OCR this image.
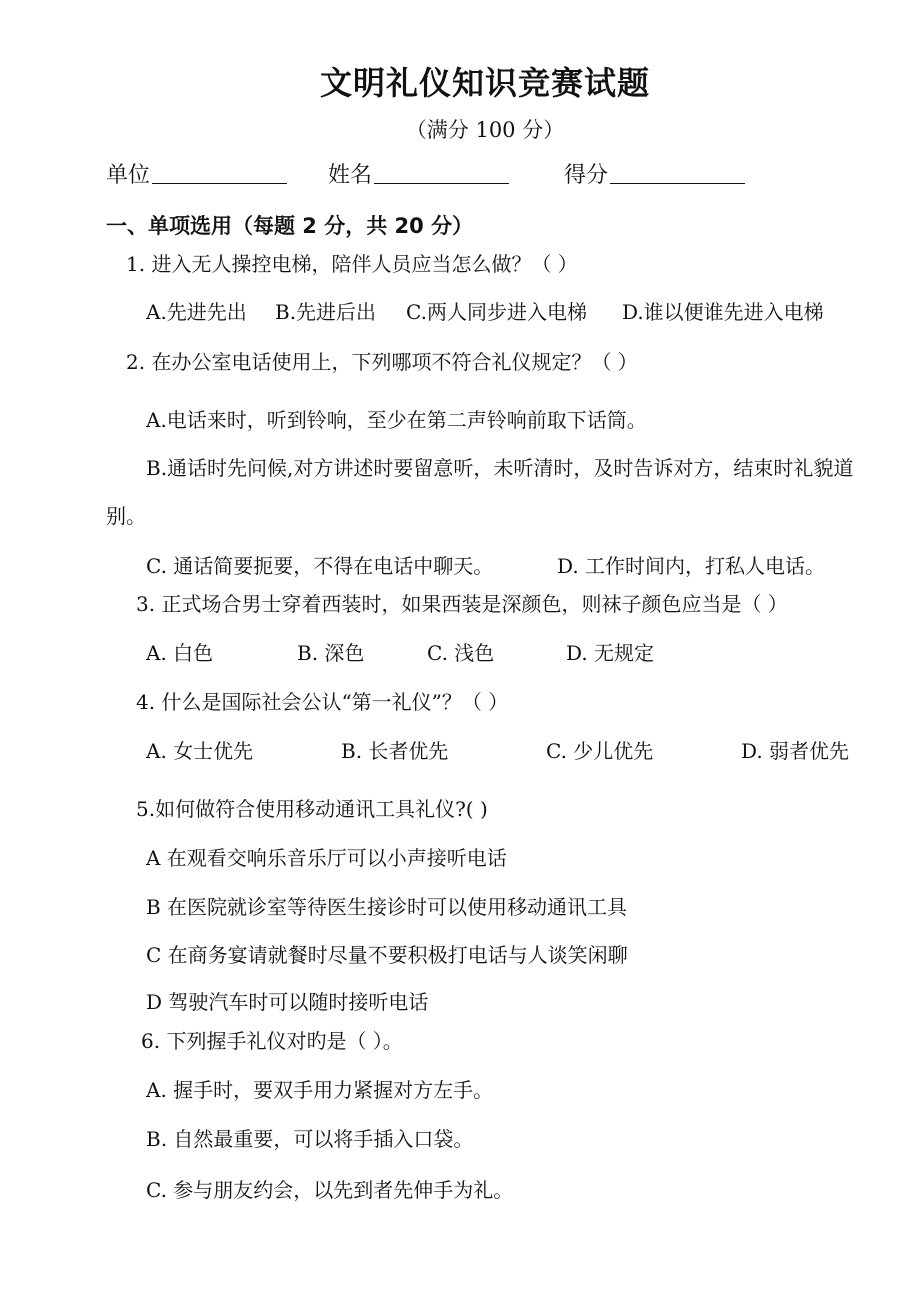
文明礼仪知识竞赛试题
（满分 100 分）
单位	姓名	得分
一、单项选用（每题 2 分，共 20 分）
1. 进入无人操控电梯，陪伴人员应当怎么做？（ ）
A.先进先出 B.先进后出 C.两人同步进入电梯 D.谁以便谁先进入电梯
2. 在办公室电话使用上，下列哪项不符合礼仪规定？（ ）
A.电话来时，听到铃响，至少在第二声铃响前取下话筒。
B.通话时先问候,对方讲述时要留意听，未听清时，及时告诉对方，结束时礼貌道别。
C. 通话简要扼要，不得在电话中聊天。	D. 工作时间内，打私人电话。
3. 正式场合男士穿着西装时，如果西装是深颜色，则袜子颜色应当是（ ）
A. 白色	B. 深色	C. 浅色	D. 无规定
4. 什么是国际社会公认“第一礼仪”？（ ）
A. 女士优先	B. 长者优先	C. 少儿优先	D. 弱者优先
5.如何做符合使用移动通讯工具礼仪?( )
A 在观看交响乐音乐厅可以小声接听电话
B 在医院就诊室等待医生接诊时可以使用移动通讯工具
C 在商务宴请就餐时尽量不要积极打电话与人谈笑闲聊
D 驾驶汽车时可以随时接听电话
6. 下列握手礼仪对旳是（ ）。
A. 握手时，要双手用力紧握对方左手。
B. 自然最重要，可以将手插入口袋。
C. 参与朋友约会，以先到者先伸手为礼。
